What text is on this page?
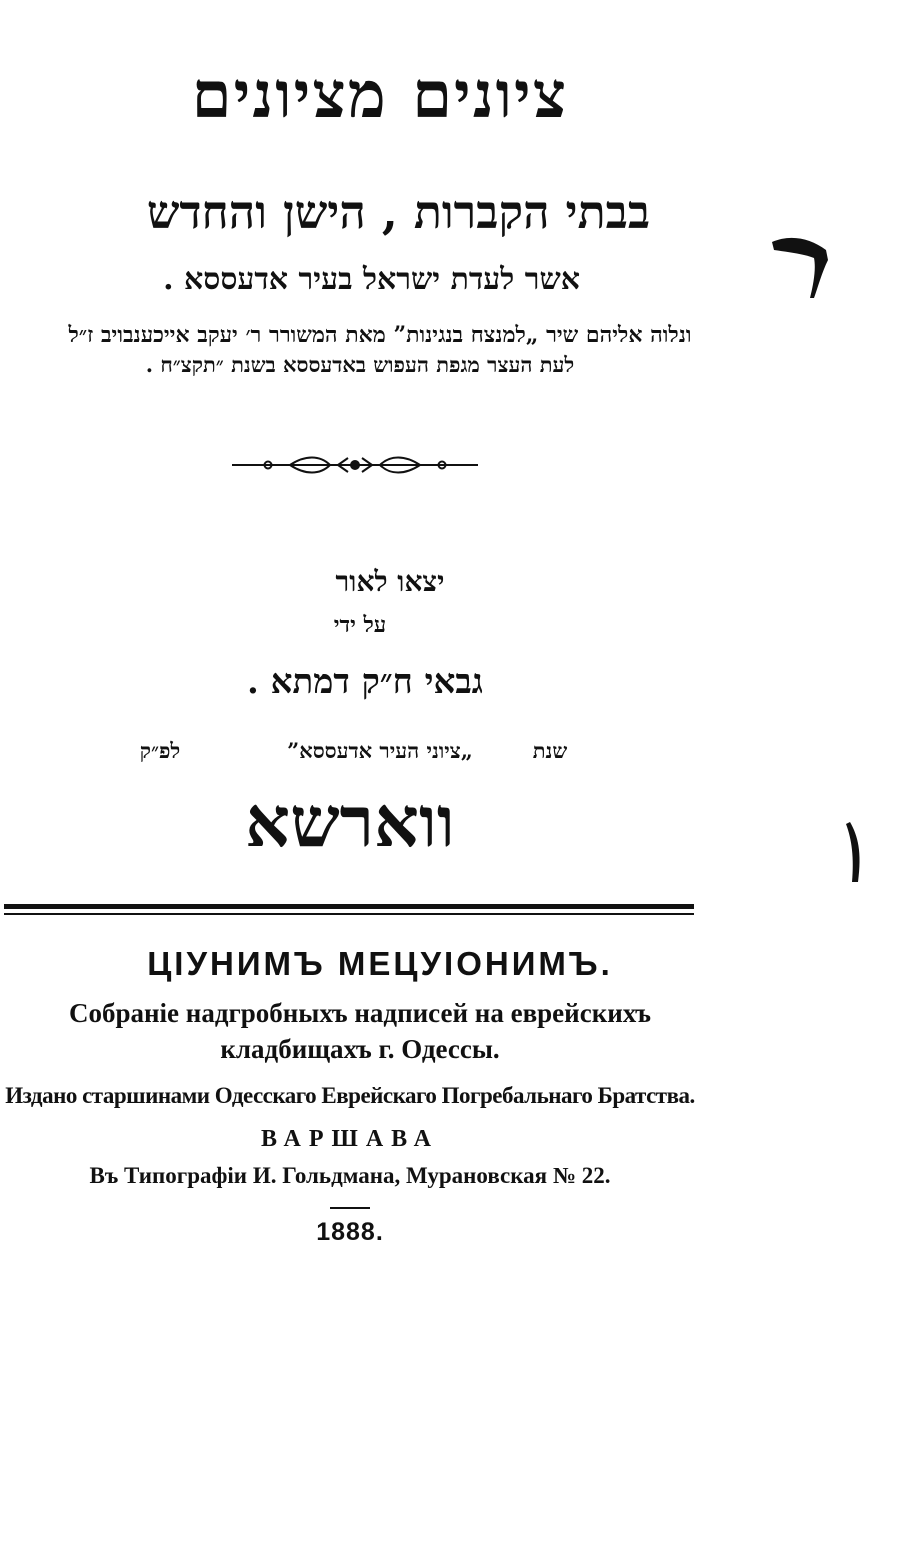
ציונים מציונים
בבתי הקברות , הישן והחדש
אשר לעדת ישראל בעיר אדעססא .
ונלוה אליהם שיר „למנצח בנגינות” מאת המשורר ר׳ יעקב אייכענבויב ז״ל
לעת העצר מגפת העפוש באדעססא בשנת ״תקצ״ח .
יצאו לאור
על ידי
גבאי ח״ק דמתא .
שנת
„ציוני העיר אדעססא”
לפ״ק
ווארשא
ЦIУНИМЪ МЕЦУIОНИМЪ.
Собранiе надгробныхъ надписей на еврейскихъ
кладбищахъ г. Одессы.
Издано старшинами Одесскаго Еврейскаго Погребальнаго Братства.
ВАРШАВА
Въ Типографiи И. Гольдмана, Мурановская № 22.
1888.
